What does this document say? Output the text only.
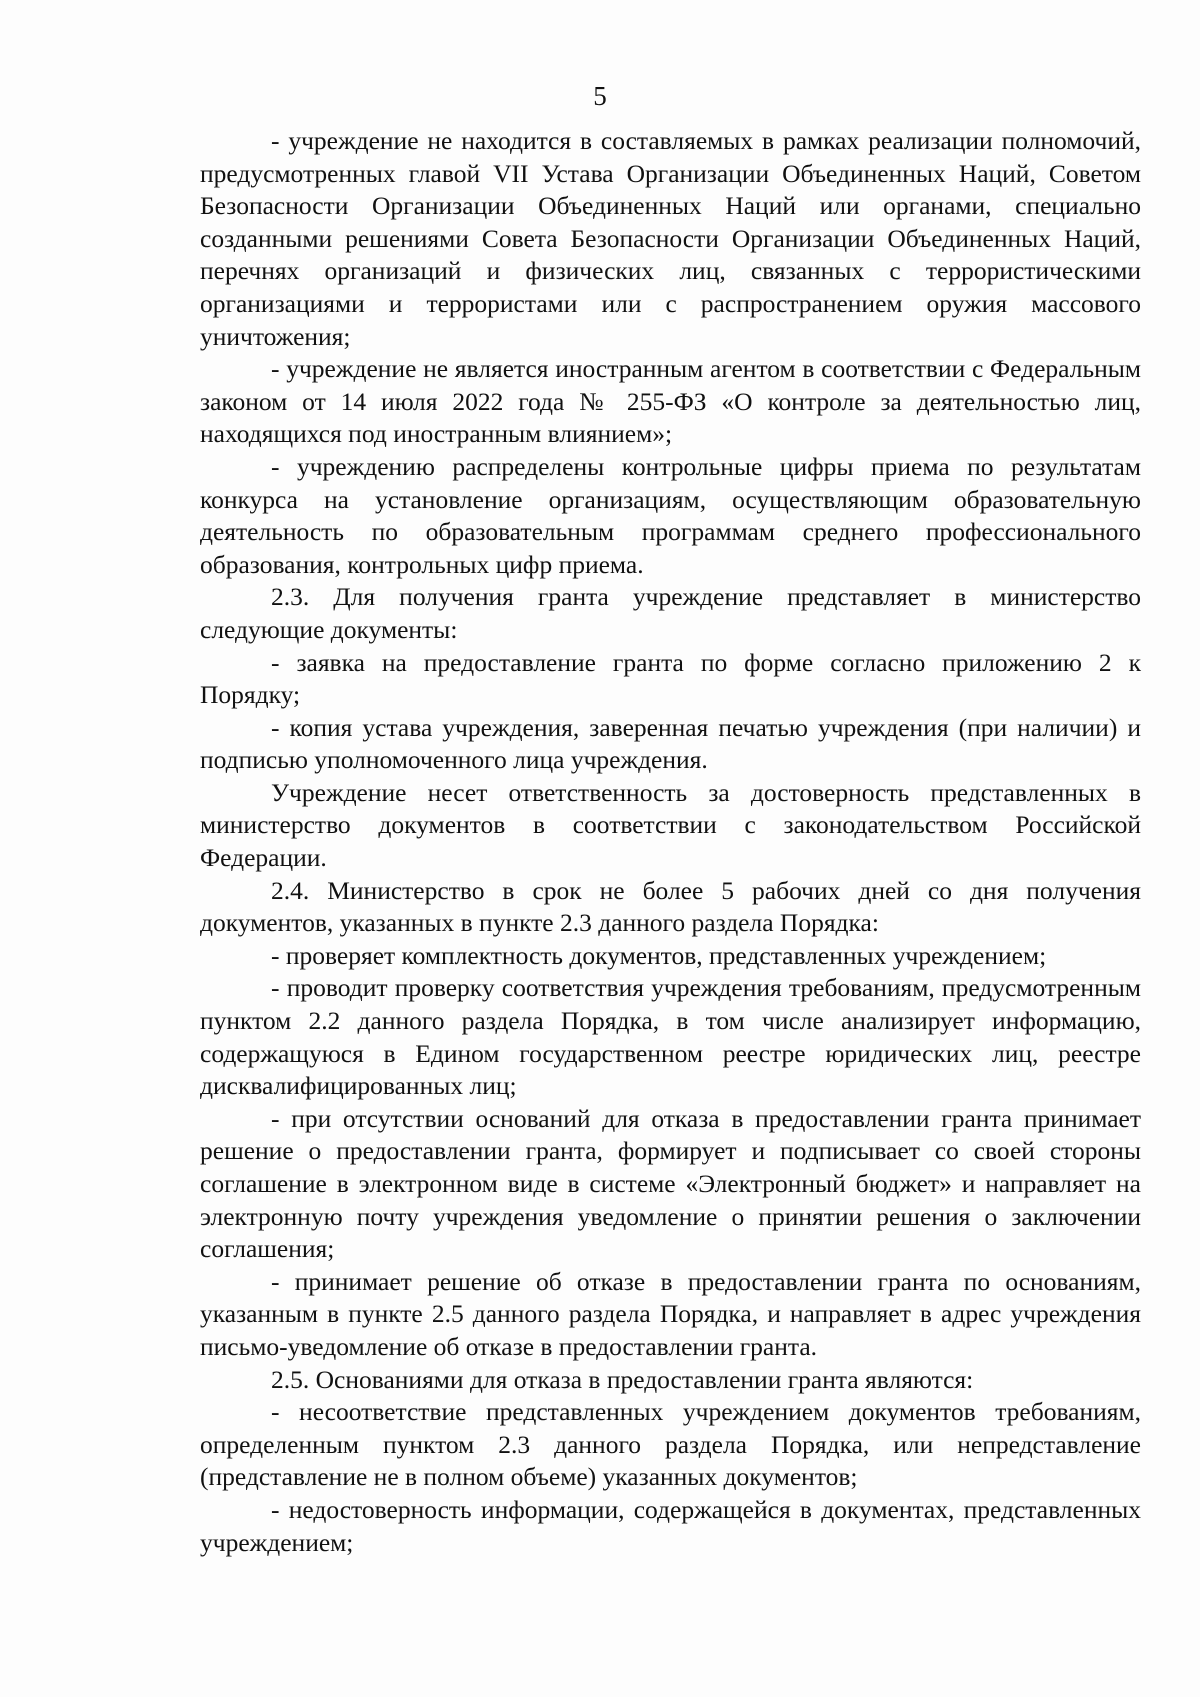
5

- учреждение не находится в составляемых в рамках реализации полномочий, предусмотренных главой VII Устава Организации Объединенных Наций, Советом Безопасности Организации Объединенных Наций или органами, специально созданными решениями Совета Безопасности Организации Объединенных Наций, перечнях организаций и физических лиц, связанных с террористическими организациями и террористами или с распространением оружия массового уничтожения;

- учреждение не является иностранным агентом в соответствии с Федеральным законом от 14 июля 2022 года № 255-ФЗ «О контроле за деятельностью лиц, находящихся под иностранным влиянием»;

- учреждению распределены контрольные цифры приема по результатам конкурса на установление организациям, осуществляющим образовательную деятельность по образовательным программам среднего профессионального образования, контрольных цифр приема.

2.3. Для получения гранта учреждение представляет в министерство следующие документы:

- заявка на предоставление гранта по форме согласно приложению 2 к Порядку;

- копия устава учреждения, заверенная печатью учреждения (при наличии) и подписью уполномоченного лица учреждения.

Учреждение несет ответственность за достоверность представленных в министерство документов в соответствии с законодательством Российской Федерации.

2.4. Министерство в срок не более 5 рабочих дней со дня получения документов, указанных в пункте 2.3 данного раздела Порядка:

- проверяет комплектность документов, представленных учреждением;

- проводит проверку соответствия учреждения требованиям, предусмотренным пунктом 2.2 данного раздела Порядка, в том числе анализирует информацию, содержащуюся в Едином государственном реестре юридических лиц, реестре дисквалифицированных лиц;

- при отсутствии оснований для отказа в предоставлении гранта принимает решение о предоставлении гранта, формирует и подписывает со своей стороны соглашение в электронном виде в системе «Электронный бюджет» и направляет на электронную почту учреждения уведомление о принятии решения о заключении соглашения;

- принимает решение об отказе в предоставлении гранта по основаниям, указанным в пункте 2.5 данного раздела Порядка, и направляет в адрес учреждения письмо-уведомление об отказе в предоставлении гранта.

2.5. Основаниями для отказа в предоставлении гранта являются:

- несоответствие представленных учреждением документов требованиям, определенным пунктом 2.3 данного раздела Порядка, или непредставление (представление не в полном объеме) указанных документов;

- недостоверность информации, содержащейся в документах, представленных учреждением;
